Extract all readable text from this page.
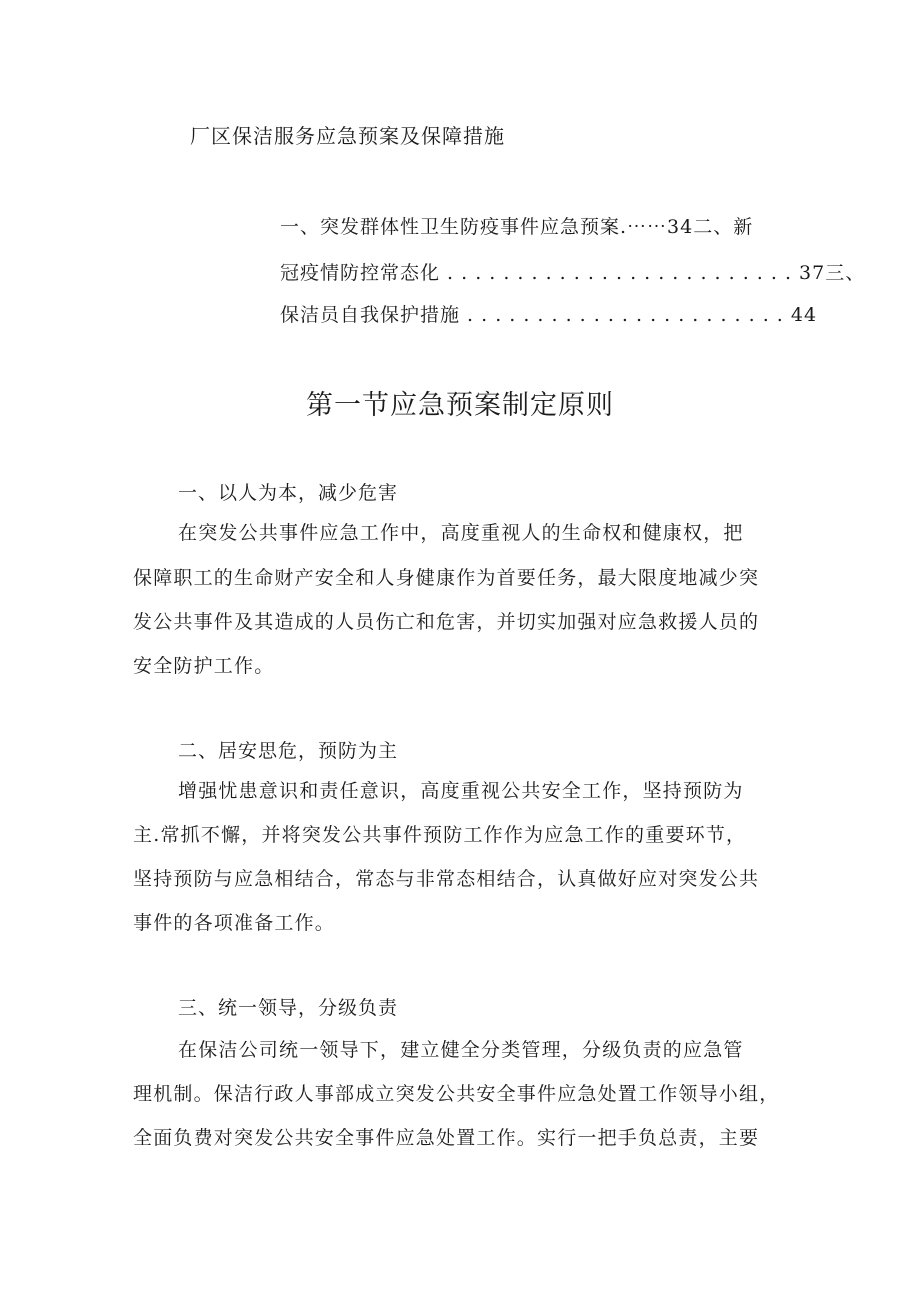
厂区保洁服务应急预案及保障措施
一、突发群体性卫生防疫事件应急预案.⋯⋯34二、新
冠疫情防控常态化 . . . . . . . . . . . . . . . . . . . . . . . . . 37三、
保洁员自我保护措施 . . . . . . . . . . . . . . . . . . . . . . . 44
第一节应急预案制定原则
一、以人为本，减少危害
在突发公共事件应急工作中，高度重视人的生命权和健康权，把
保障职工的生命财产安全和人身健康作为首要任务，最大限度地减少突
发公共事件及其造成的人员伤亡和危害，并切实加强对应急救援人员的
安全防护工作。
二、居安思危，预防为主
增强忧患意识和责任意识，高度重视公共安全工作，坚持预防为
主.常抓不懈，并将突发公共事件预防工作作为应急工作的重要环节，
坚持预防与应急相结合，常态与非常态相结合，认真做好应对突发公共
事件的各项准备工作。
三、统一领导，分级负责
在保洁公司统一领导下，建立健全分类管理，分级负责的应急管
理机制。保洁行政人事部成立突发公共安全事件应急处置工作领导小组，
全面负费对突发公共安全事件应急处置工作。实行一把手负总责，主要
